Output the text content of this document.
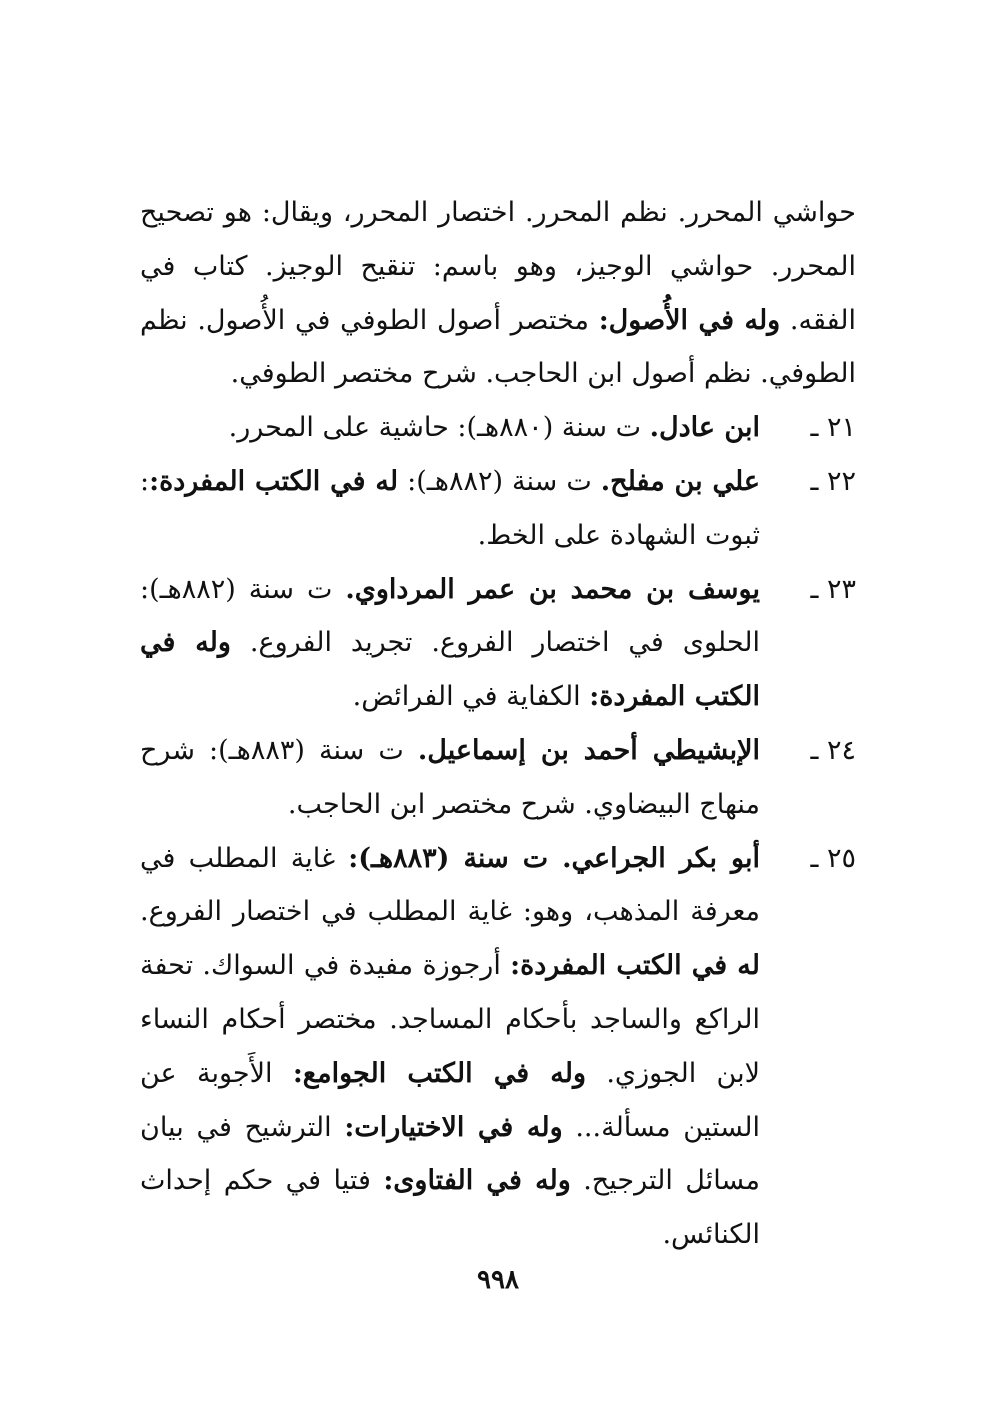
حواشي المحرر. نظم المحرر. اختصار المحرر، ويقال: هو تصحيح المحرر. حواشي الوجيز، وهو باسم: تنقيح الوجيز. كتاب في الفقه. وله في الأُصول: مختصر أصول الطوفي في الأُصول. نظم الطوفي. نظم أصول ابن الحاجب. شرح مختصر الطوفي.

٢١ ـ
ابن عادل. ت سنة (٨٨٠هـ): حاشية على المحرر.
٢٢ ـ
علي بن مفلح. ت سنة (٨٨٢هـ): له في الكتب المفردة:: ثبوت الشهادة على الخط.
٢٣ ـ
يوسف بن محمد بن عمر المرداوي. ت سنة (٨٨٢هـ): الحلوى في اختصار الفروع. تجريد الفروع. وله في الكتب المفردة: الكفاية في الفرائض.
٢٤ ـ
الإبشيطي أحمد بن إسماعيل. ت سنة (٨٨٣هـ): شرح منهاج البيضاوي. شرح مختصر ابن الحاجب.
٢٥ ـ
أبو بكر الجراعي. ت سنة (٨٨٣هـ): غاية المطلب في معرفة المذهب، وهو: غاية المطلب في اختصار الفروع. له في الكتب المفردة: أرجوزة مفيدة في السواك. تحفة الراكع والساجد بأحكام المساجد. مختصر أحكام النساء لابن الجوزي. وله في الكتب الجوامع: الأَجوبة عن الستين مسألة... وله في الاختيارات: الترشيح في بيان مسائل الترجيح. وله في الفتاوى: فتيا في حكم إحداث الكنائس.
٩٩٨
